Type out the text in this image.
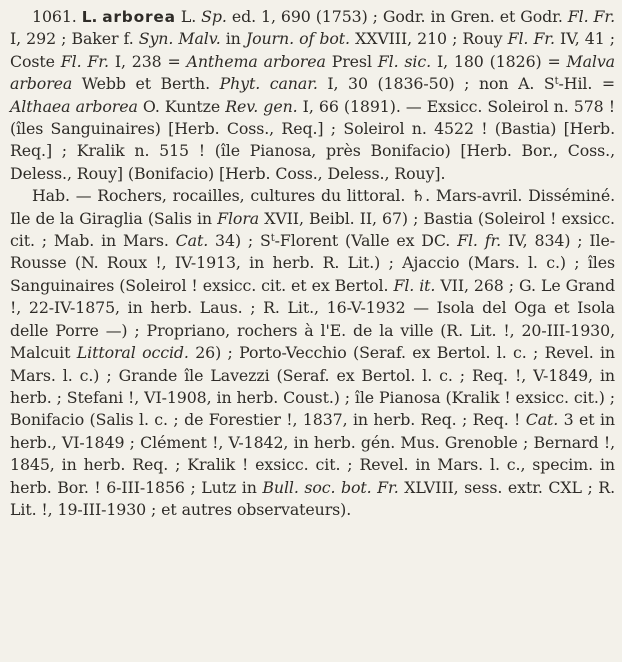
1061. L. arborea L. Sp. ed. 1, 690 (1753) ; Godr. in Gren. et Godr. Fl. Fr. I, 292 ; Baker f. Syn. Malv. in Journ. of bot. XXVIII, 210 ; Rouy Fl. Fr. IV, 41 ; Coste Fl. Fr. I, 238 = Anthema arborea Presl Fl. sic. I, 180 (1826) = Malva arborea Webb et Berth. Phyt. canar. I, 30 (1836-50) ; non A. $S^t$-Hil. = Althaea arborea O. Kuntze Rev. gen. I, 66 (1891). — Exsicc. Soleirol n. 578 ! (îles Sanguinaires) [Herb. Coss., Req.] ; Soleirol n. 4522 ! (Bastia) [Herb. Req.] ; Kralik n. 515 ! (île Pianosa, près Bonifacio) [Herb. Bor., Coss., Deless., Rouy] (Bonifacio) [Herb. Coss., Deless., Rouy].

Hab. — Rochers, rocailles, cultures du littoral. ♄. Mars-avril. Disséminé. Ile de la Giraglia (Salis in Flora XVII, Beibl. II, 67) ; Bastia (Soleirol ! exsicc. cit. ; Mab. in Mars. Cat. 34) ; $S^t$-Florent (Valle ex DC. Fl. fr. IV, 834) ; Ile-Rousse (N. Roux !, IV-1913, in herb. R. Lit.) ; Ajaccio (Mars. l. c.) ; îles Sanguinaires (Soleirol ! exsicc. cit. et ex Bertol. Fl. it. VII, 268 ; G. Le Grand !, 22-IV-1875, in herb. Laus. ; R. Lit., 16-V-1932 — Isola del Oga et Isola delle Porre —) ; Propriano, rochers à l'E. de la ville (R. Lit. !, 20-III-1930, Malcuit Littoral occid. 26) ; Porto-Vecchio (Seraf. ex Bertol. l. c. ; Revel. in Mars. l. c.) ; Grande île Lavezzi (Seraf. ex Bertol. l. c. ; Req. !, V-1849, in herb. ; Stefani !, VI-1908, in herb. Coust.) ; île Pianosa (Kralik ! exsicc. cit.) ; Bonifacio (Salis l. c. ; de Forestier !, 1837, in herb. Req. ; Req. ! Cat. 3 et in herb., VI-1849 ; Clément !, V-1842, in herb. gén. Mus. Grenoble ; Bernard !, 1845, in herb. Req. ; Kralik ! exsicc. cit. ; Revel. in Mars. l. c., specim. in herb. Bor. ! 6-III-1856 ; Lutz in Bull. soc. bot. Fr. XLVIII, sess. extr. CXL ; R. Lit. !, 19-III-1930 ; et autres observateurs).
